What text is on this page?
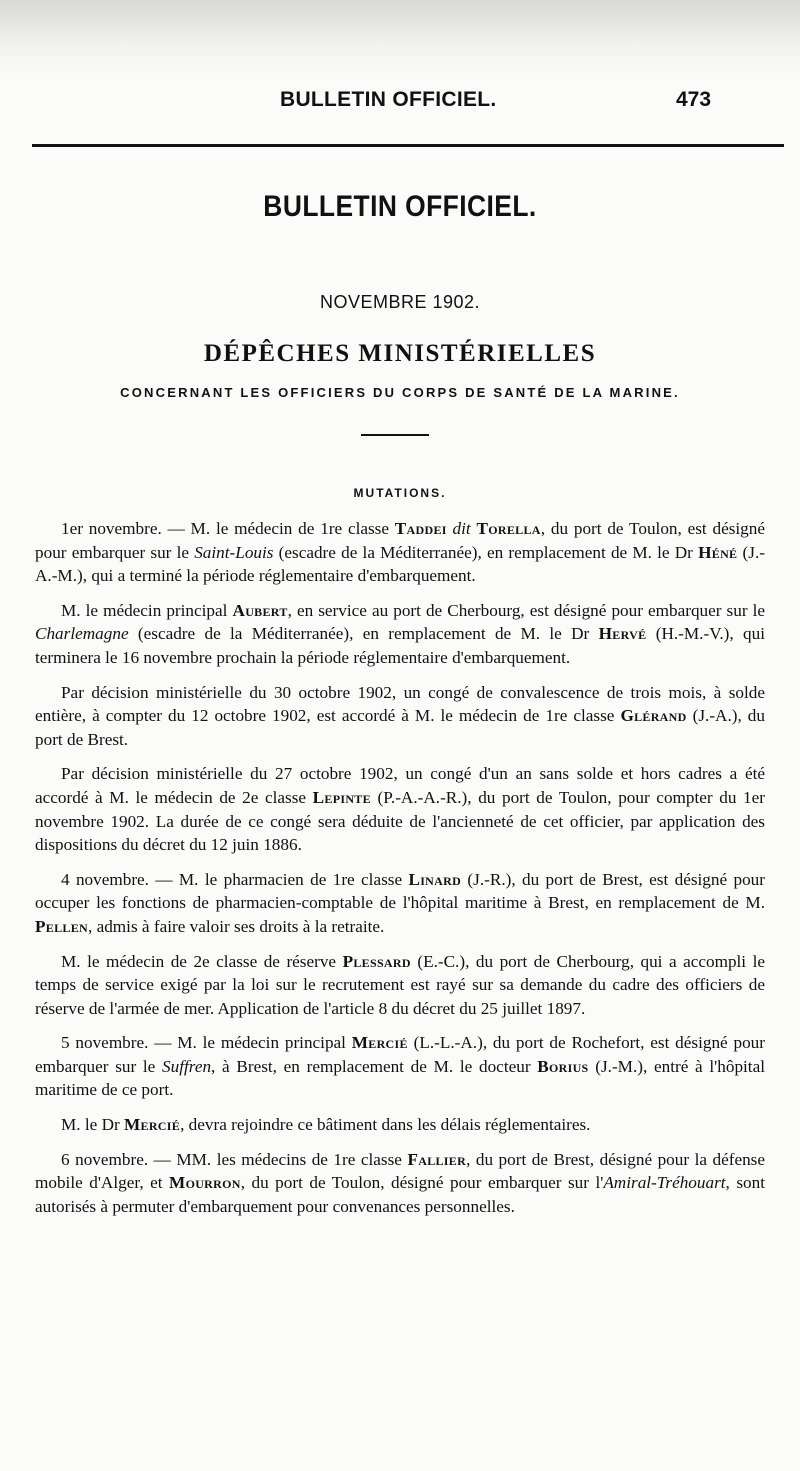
BULLETIN OFFICIEL.	473
BULLETIN OFFICIEL.
NOVEMBRE 1902.
DÉPÊCHES MINISTÉRIELLES
CONCERNANT LES OFFICIERS DU CORPS DE SANTÉ DE LA MARINE.
MUTATIONS.

1er novembre. — M. le médecin de 1re classe Taddei dit Torella, du port de Toulon, est désigné pour embarquer sur le Saint-Louis (escadre de la Méditerranée), en remplacement de M. le Dr Héné (J.-A.-M.), qui a terminé la période réglementaire d'embarquement.

M. le médecin principal Aubert, en service au port de Cherbourg, est désigné pour embarquer sur le Charlemagne (escadre de la Méditerranée), en remplacement de M. le Dr Hervé (H.-M.-V.), qui terminera le 16 novembre prochain la période réglementaire d'embarquement.

Par décision ministérielle du 30 octobre 1902, un congé de convalescence de trois mois, à solde entière, à compter du 12 octobre 1902, est accordé à M. le médecin de 1re classe Glérand (J.-A.), du port de Brest.

Par décision ministérielle du 27 octobre 1902, un congé d'un an sans solde et hors cadres a été accordé à M. le médecin de 2e classe Lepinte (P.-A.-A.-R.), du port de Toulon, pour compter du 1er novembre 1902. La durée de ce congé sera déduite de l'ancienneté de cet officier, par application des dispositions du décret du 12 juin 1886.

4 novembre. — M. le pharmacien de 1re classe Linard (J.-R.), du port de Brest, est désigné pour occuper les fonctions de pharmacien-comptable de l'hôpital maritime à Brest, en remplacement de M. Pellen, admis à faire valoir ses droits à la retraite.

M. le médecin de 2e classe de réserve Plessard (E.-C.), du port de Cherbourg, qui a accompli le temps de service exigé par la loi sur le recrutement est rayé sur sa demande du cadre des officiers de réserve de l'armée de mer. Application de l'article 8 du décret du 25 juillet 1897.

5 novembre. — M. le médecin principal Mercié (L.-L.-A.), du port de Rochefort, est désigné pour embarquer sur le Suffren, à Brest, en remplacement de M. le docteur Borius (J.-M.), entré à l'hôpital maritime de ce port.

M. le Dr Mercié, devra rejoindre ce bâtiment dans les délais réglementaires.

6 novembre. — MM. les médecins de 1re classe Fallier, du port de Brest, désigné pour la défense mobile d'Alger, et Mourron, du port de Toulon, désigné pour embarquer sur l'Amiral-Tréhouart, sont autorisés à permuter d'embarquement pour convenances personnelles.
